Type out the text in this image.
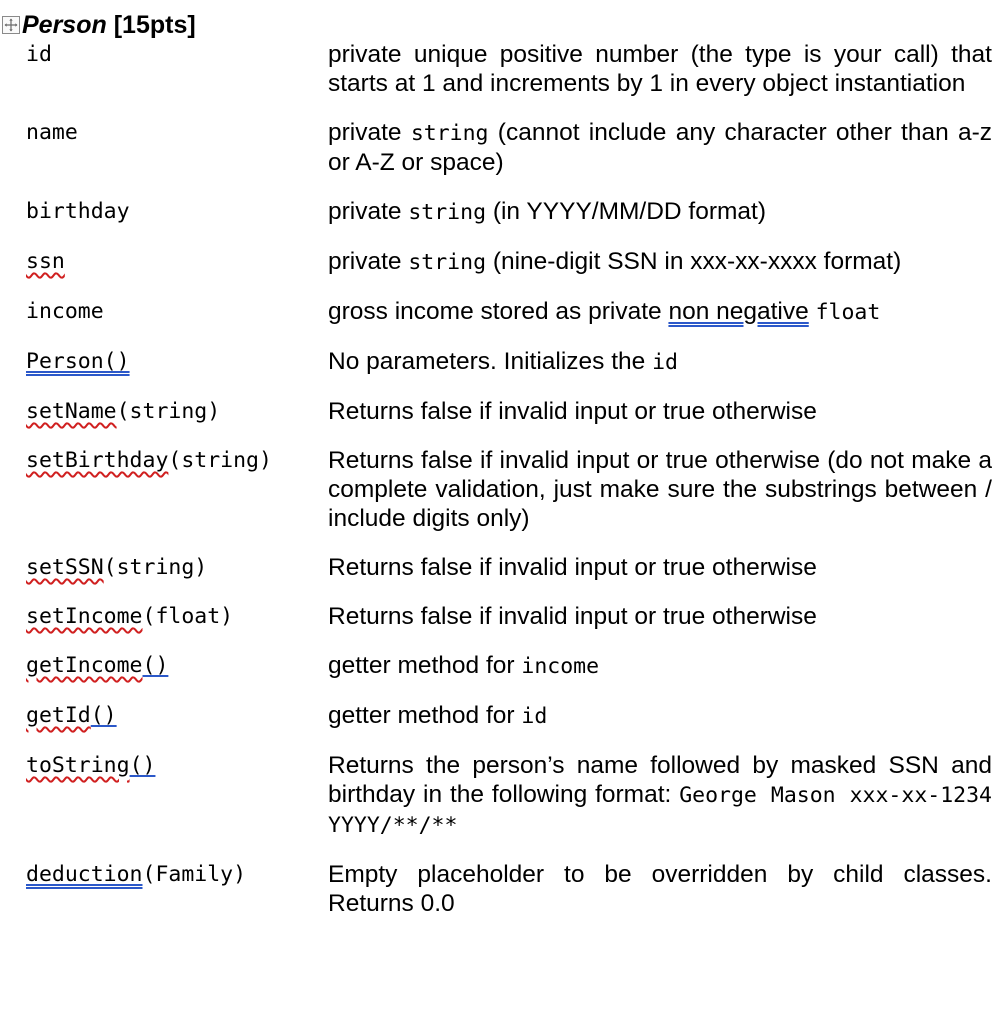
Person [15pts]
id	private unique positive number (the type is your call) that starts at 1 and increments by 1 in every object instantiation
name	private string (cannot include any character other than a-z or A-Z or space)
birthday	private string (in YYYY/MM/DD format)
ssn	private string (nine-digit SSN in xxx-xx-xxxx format)
income	gross income stored as private non negative float
Person()	No parameters. Initializes the id
setName(string)	Returns false if invalid input or true otherwise
setBirthday(string)	Returns false if invalid input or true otherwise (do not make a complete validation, just make sure the substrings between / include digits only)
setSSN(string)	Returns false if invalid input or true otherwise
setIncome(float)	Returns false if invalid input or true otherwise
getIncome()	getter method for income
getId()	getter method for id
toString()	Returns the person’s name followed by masked SSN and birthday in the following format: George Mason xxx-xx-1234 YYYY/**/**
deduction(Family)	Empty placeholder to be overridden by child classes. Returns 0.0
